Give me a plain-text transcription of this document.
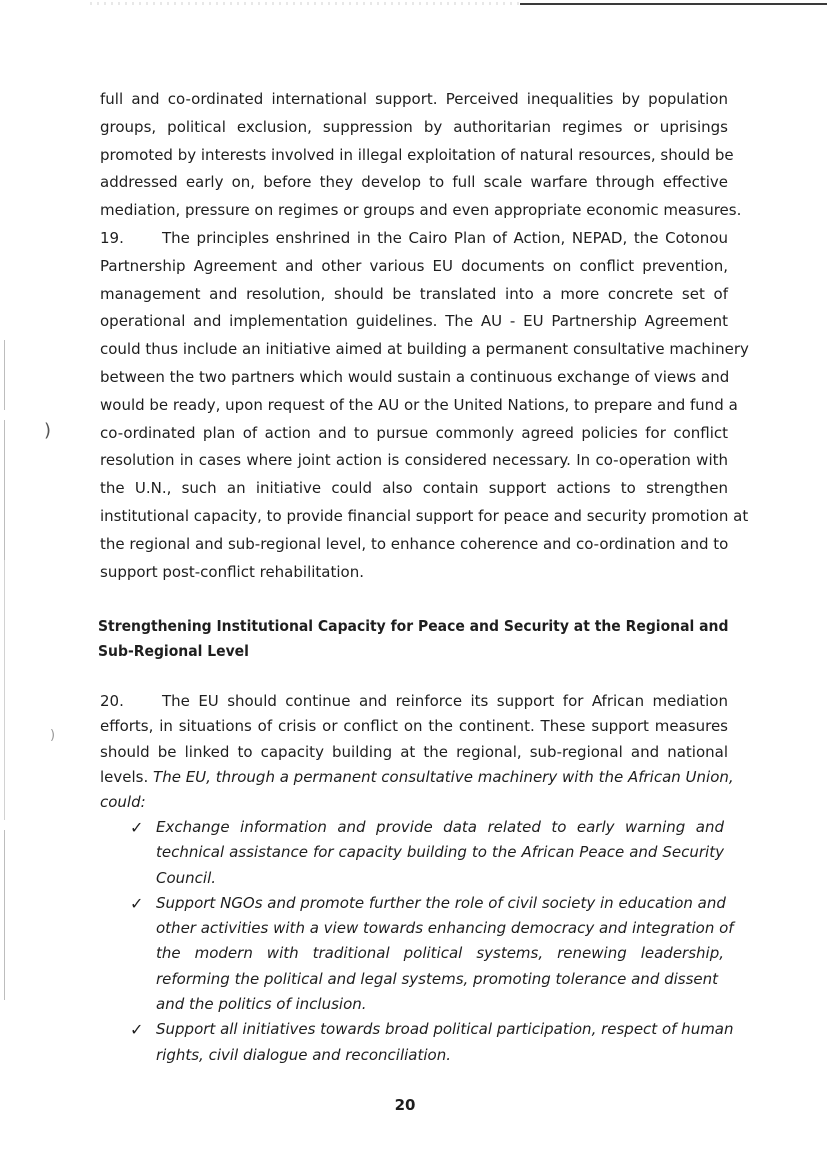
)
)
full and co-ordinated international support. Perceived inequalities by population
groups, political exclusion, suppression by authoritarian regimes or uprisings
promoted by interests involved in illegal exploitation of natural resources, should be
addressed early on, before they develop to full scale warfare through effective
mediation, pressure on regimes or groups and even appropriate economic measures.
19.	The principles enshrined in the Cairo Plan of Action, NEPAD, the Cotonou
Partnership Agreement and other various EU documents on conflict prevention,
management and resolution, should be translated into a more concrete set of
operational and implementation guidelines. The AU - EU Partnership Agreement
could thus include an initiative aimed at building a permanent consultative machinery
between the two partners which would sustain a continuous exchange of views and
would be ready, upon request of the AU or the United Nations, to prepare and fund a
co-ordinated plan of action and to pursue commonly agreed policies for conflict
resolution in cases where joint action is considered necessary. In co-operation with
the U.N., such an initiative could also contain support actions to strengthen
institutional capacity, to provide financial support for peace and security promotion at
the regional and sub-regional level, to enhance coherence and co-ordination and to
support post-conflict rehabilitation.
Strengthening Institutional Capacity for Peace and Security at the Regional and
Sub-Regional Level
20.	The EU should continue and reinforce its support for African mediation
efforts, in situations of crisis or conflict on the continent. These support measures
should be linked to capacity building at the regional, sub-regional and national
levels. The EU, through a permanent consultative machinery with the African Union,
could:
✓ Exchange information and provide data related to early warning and
technical assistance for capacity building to the African Peace and Security
Council.
✓ Support NGOs and promote further the role of civil society in education and
other activities with a view towards enhancing democracy and integration of
the modern with traditional political systems, renewing leadership,
reforming the political and legal systems, promoting tolerance and dissent
and the politics of inclusion.
✓ Support all initiatives towards broad political participation, respect of human
rights, civil dialogue and reconciliation.
20
